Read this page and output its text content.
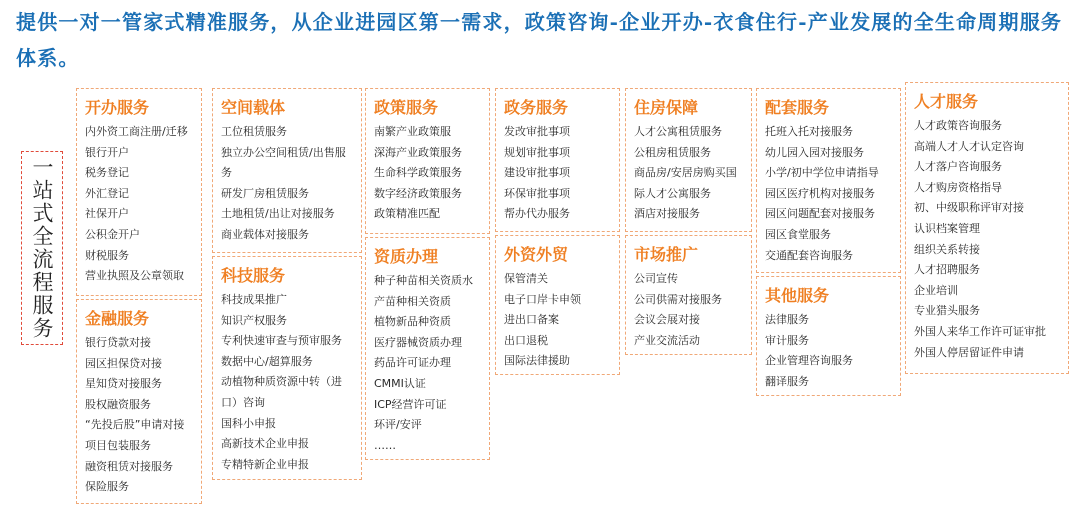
提供一对一管家式精准服务，从企业进园区第一需求，政策咨询-企业开办-衣食住行-产业发展的全生命周期服务体系。

一站式全流程服务
开办服务
内外资工商注册/迁移
银行开户
税务登记
外汇登记
社保开户
公积金开户
财税服务
营业执照及公章领取
金融服务
银行贷款对接
园区担保贷对接
星知贷对接服务
股权融资服务
“先投后股”申请对接
项目包装服务
融资租赁对接服务
保险服务
空间载体
工位租赁服务
独立办公空间租赁/出售服务
研发厂房租赁服务
土地租赁/出让对接服务
商业载体对接服务
科技服务
科技成果推广
知识产权服务
专利快速审查与预审服务
数据中心/超算服务
动植物种质资源中转（进口）咨询
国科小申报
高新技术企业申报
专精特新企业申报
政策服务
南繁产业政策服
深海产业政策服务
生命科学政策服务
数字经济政策服务
政策精准匹配
资质办理
种子种苗相关资质水
产苗种相关资质
植物新品种资质
医疗器械资质办理
药品许可证办理
CMMI认证
ICP经营许可证
环评/安评
……
政务服务
发改审批事项
规划审批事项
建设审批事项
环保审批事项
帮办代办服务
外资外贸
保管清关
电子口岸卡申领
进出口备案
出口退税
国际法律援助
住房保障
人才公寓租赁服务
公租房租赁服务
商品房/安居房购买国
际人才公寓服务
酒店对接服务
市场推广
公司宣传
公司供需对接服务
会议会展对接
产业交流活动
配套服务
托班入托对接服务
幼儿园入园对接服务
小学/初中学位申请指导
园区医疗机构对接服务
园区问题配套对接服务
园区食堂服务
交通配套咨询服务
其他服务
法律服务
审计服务
企业管理咨询服务
翻译服务
人才服务
人才政策咨询服务
高端人才人才认定咨询
人才落户咨询服务
人才购房资格指导
初、中级职称评审对接
认识档案管理
组织关系转接
人才招聘服务
企业培训
专业猎头服务
外国人来华工作许可证审批
外国人停居留证件申请
